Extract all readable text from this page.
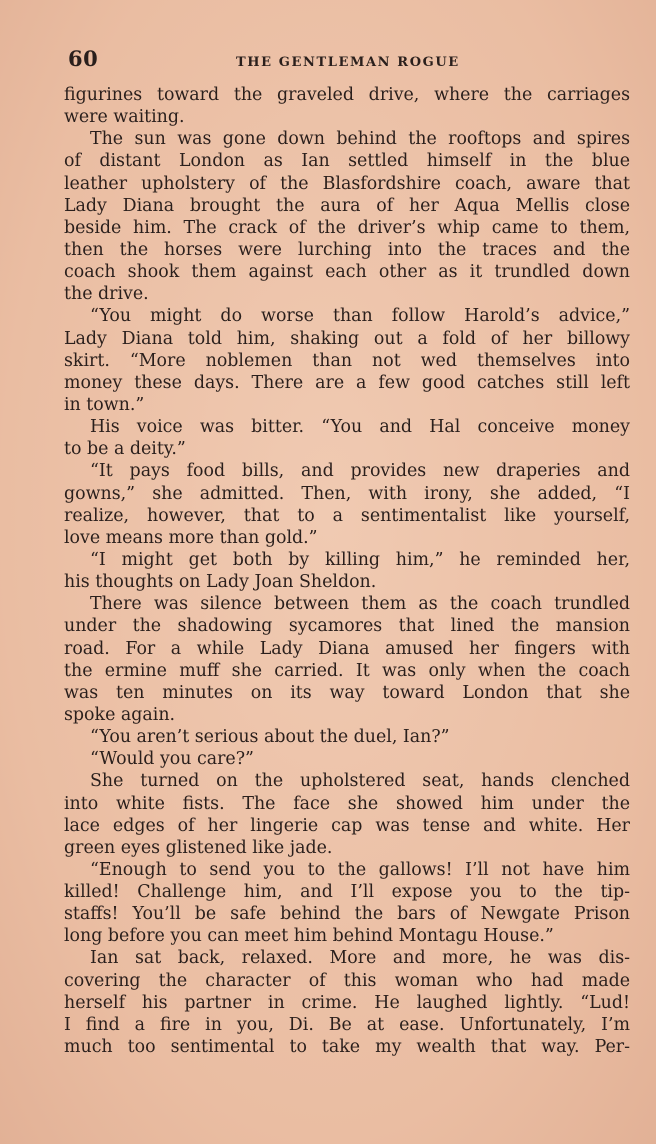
60	THE GENTLEMAN ROGUE
figurines toward the graveled drive, where the carriages
were waiting.
The sun was gone down behind the rooftops and spires
of distant London as Ian settled himself in the blue
leather upholstery of the Blasfordshire coach, aware that
Lady Diana brought the aura of her Aqua Mellis close
beside him. The crack of the driver’s whip came to them,
then the horses were lurching into the traces and the
coach shook them against each other as it trundled down
the drive.
“You might do worse than follow Harold’s advice,”
Lady Diana told him, shaking out a fold of her billowy
skirt. “More noblemen than not wed themselves into
money these days. There are a few good catches still left
in town.”
His voice was bitter. “You and Hal conceive money
to be a deity.”
“It pays food bills, and provides new draperies and
gowns,” she admitted. Then, with irony, she added, “I
realize, however, that to a sentimentalist like yourself,
love means more than gold.”
“I might get both by killing him,” he reminded her,
his thoughts on Lady Joan Sheldon.
There was silence between them as the coach trundled
under the shadowing sycamores that lined the mansion
road. For a while Lady Diana amused her fingers with
the ermine muff she carried. It was only when the coach
was ten minutes on its way toward London that she
spoke again.
“You aren’t serious about the duel, Ian?”
“Would you care?”
She turned on the upholstered seat, hands clenched
into white fists. The face she showed him under the
lace edges of her lingerie cap was tense and white. Her
green eyes glistened like jade.
“Enough to send you to the gallows! I’ll not have him
killed! Challenge him, and I’ll expose you to the tip-
staffs! You’ll be safe behind the bars of Newgate Prison
long before you can meet him behind Montagu House.”
Ian sat back, relaxed. More and more, he was dis-
covering the character of this woman who had made
herself his partner in crime. He laughed lightly. “Lud!
I find a fire in you, Di. Be at ease. Unfortunately, I’m
much too sentimental to take my wealth that way. Per-
